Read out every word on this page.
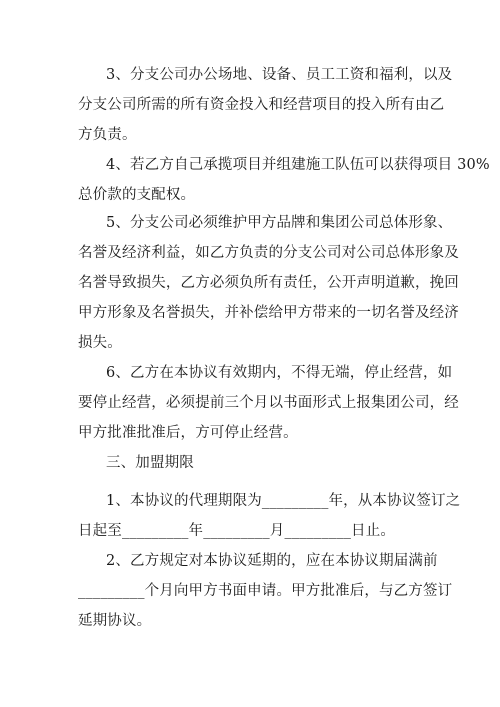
3、分支公司办公场地、设备、员工工资和福利，以及
分支公司所需的所有资金投入和经营项目的投入所有由乙
方负责。

4、若乙方自己承揽项目并组建施工队伍可以获得项目 30%
总价款的支配权。

5、分支公司必须维护甲方品牌和集团公司总体形象、
名誉及经济利益，如乙方负责的分支公司对公司总体形象及
名誉导致损失，乙方必须负所有责任，公开声明道歉，挽回
甲方形象及名誉损失，并补偿给甲方带来的一切名誉及经济
损失。

6、乙方在本协议有效期内，不得无端，停止经营，如
要停止经营，必须提前三个月以书面形式上报集团公司，经
甲方批准批准后，方可停止经营。

三、加盟期限

1、本协议的代理期限为_________年，从本协议签订之
日起至_________年_________月_________日止。

2、乙方规定对本协议延期的，应在本协议期届满前
_________个月向甲方书面申请。甲方批准后，与乙方签订
延期协议。
